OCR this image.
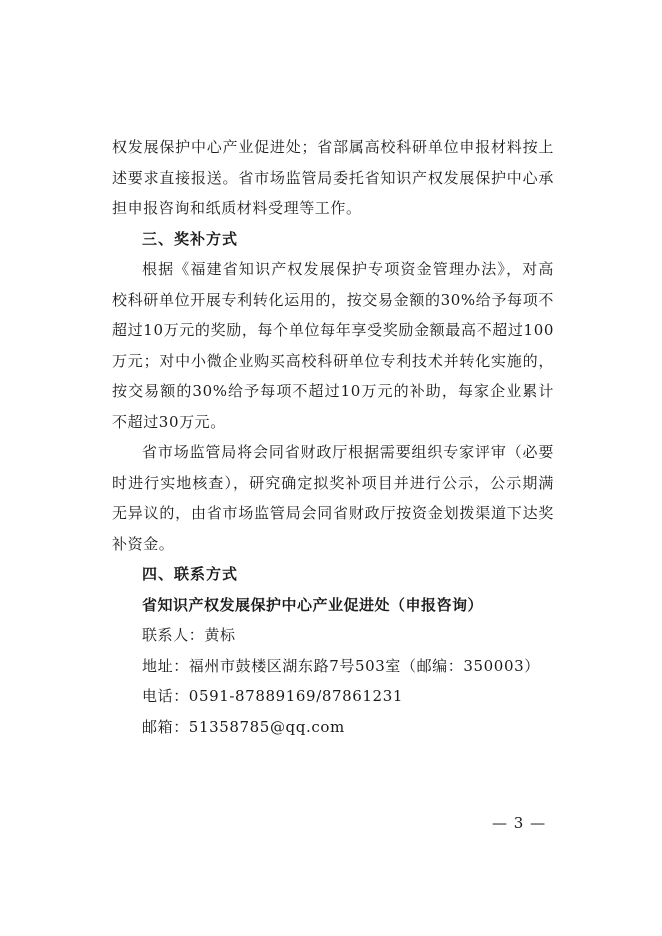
权发展保护中心产业促进处；省部属高校科研单位申报材料按上述要求直接报送。省市场监管局委托省知识产权发展保护中心承担申报咨询和纸质材料受理等工作。

三、奖补方式

根据《福建省知识产权发展保护专项资金管理办法》，对高校科研单位开展专利转化运用的，按交易金额的30%给予每项不超过10万元的奖励，每个单位每年享受奖励金额最高不超过100万元；对中小微企业购买高校科研单位专利技术并转化实施的，按交易额的30%给予每项不超过10万元的补助，每家企业累计不超过30万元。

省市场监管局将会同省财政厅根据需要组织专家评审（必要时进行实地核查），研究确定拟奖补项目并进行公示，公示期满无异议的，由省市场监管局会同省财政厅按资金划拨渠道下达奖补资金。

四、联系方式

省知识产权发展保护中心产业促进处（申报咨询）

联系人：黄标

地址：福州市鼓楼区湖东路7号503室（邮编：350003）

电话：0591-87889169/87861231

邮箱：51358785@qq.com

— 3 —
